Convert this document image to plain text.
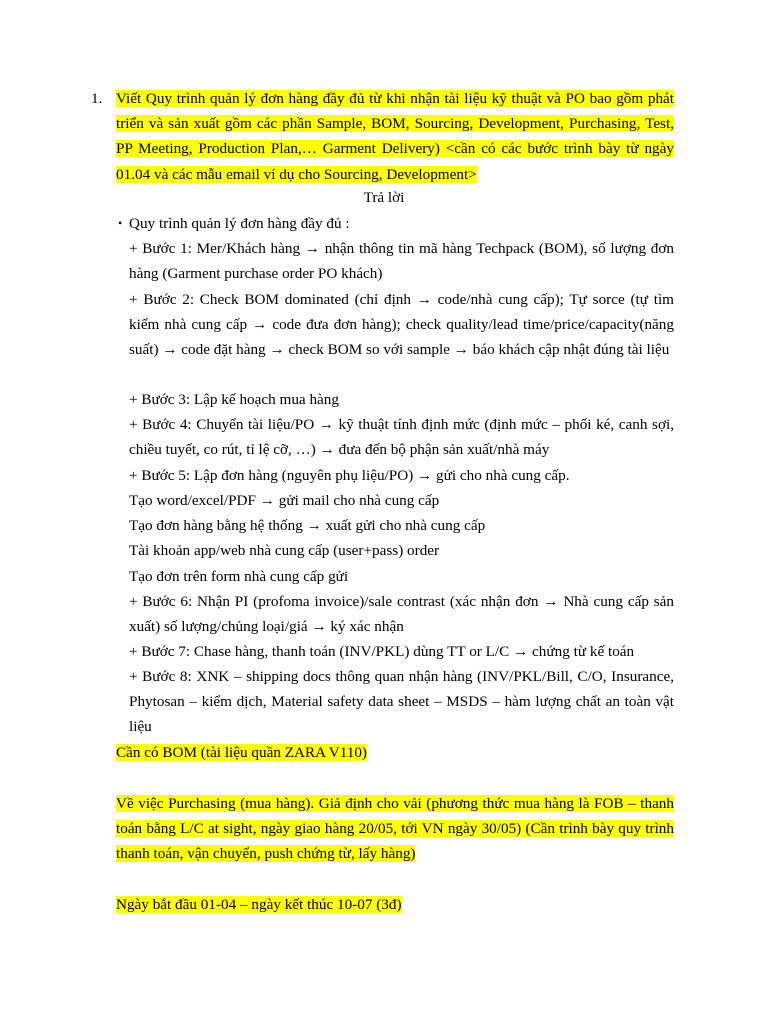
1. Viết Quy trình quản lý đơn hàng đầy đủ từ khi nhận tài liệu kỹ thuật và PO bao gồm phát triển và sản xuất gồm các phần Sample, BOM, Sourcing, Development, Purchasing, Test, PP Meeting, Production Plan,… Garment Delivery) <cần có các bước trình bày từ ngày 01.04 và các mẫu email ví dụ cho Sourcing, Development>
Trả lời
• Quy trình quản lý đơn hàng đầy đủ :
+ Bước 1: Mer/Khách hàng → nhận thông tin mã hàng Techpack (BOM), số lượng đơn hàng (Garment purchase order PO khách)
+ Bước 2: Check BOM dominated (chỉ định → code/nhà cung cấp); Tự sorce (tự tìm kiếm nhà cung cấp → code đưa đơn hàng); check quality/lead time/price/capacity(năng suất) → code đặt hàng → check BOM so với sample → báo khách cập nhật đúng tài liệu
+ Bước 3: Lập kế hoạch mua hàng
+ Bước 4: Chuyển tài liệu/PO → kỹ thuật tính định mức (định mức – phối ké, canh sợi, chiều tuyết, co rút, tỉ lệ cỡ, …) → đưa đến bộ phận sản xuất/nhà máy
+ Bước 5: Lập đơn hàng (nguyên phụ liệu/PO) → gửi cho nhà cung cấp.
Tạo word/excel/PDF → gửi mail cho nhà cung cấp
Tạo đơn hàng bằng hệ thống → xuất gửi cho nhà cung cấp
Tài khoản app/web nhà cung cấp (user+pass) order
Tạo đơn trên form nhà cung cấp gửi
+ Bước 6: Nhận PI (profoma invoice)/sale contrast (xác nhận đơn → Nhà cung cấp sản xuất) số lượng/chủng loại/giá → ký xác nhận
+ Bước 7: Chase hàng, thanh toán (INV/PKL) dùng TT or L/C → chứng từ kế toán
+ Bước 8: XNK – shipping docs thông quan nhận hàng (INV/PKL/Bill, C/O, Insurance, Phytosan – kiểm dịch, Material safety data sheet – MSDS – hàm lượng chất an toàn vật liệu
Cần có BOM (tài liệu quần ZARA V110)
Về việc Purchasing (mua hàng). Giả định cho vải (phương thức mua hàng là FOB – thanh toán bằng L/C at sight, ngày giao hàng 20/05, tới VN ngày 30/05) (Cần trình bày quy trình thanh toán, vận chuyển, push chứng từ, lấy hàng)
Ngày bắt đầu 01-04 – ngày kết thúc 10-07 (3đ)
